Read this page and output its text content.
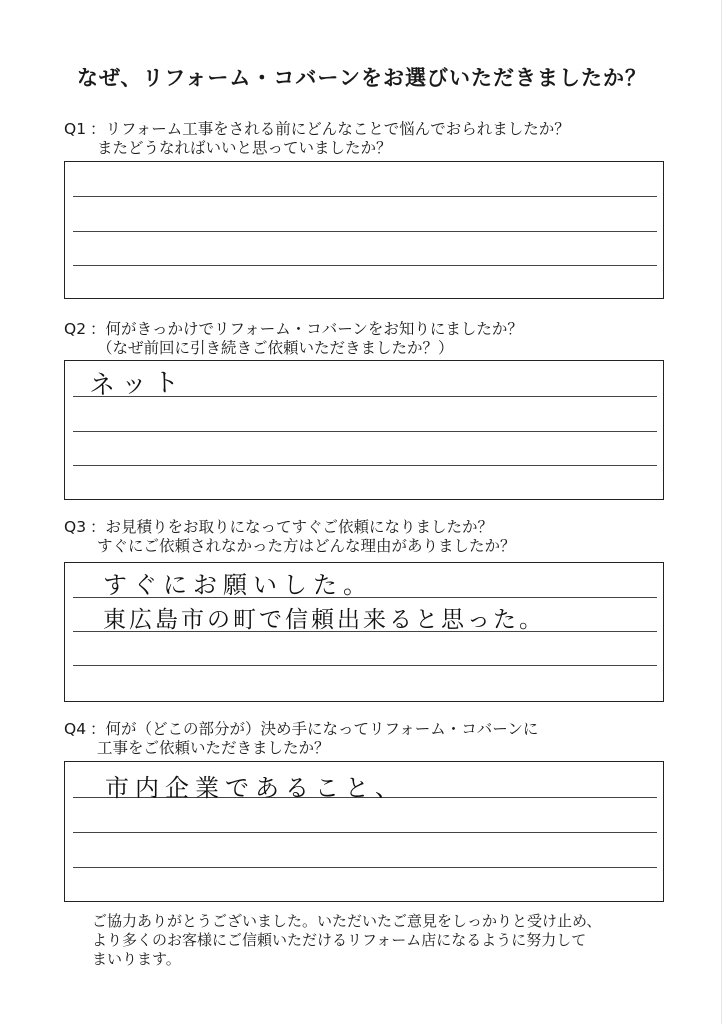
なぜ、リフォーム・コバーンをお選びいただきましたか？
Q1 ：リフォーム工事をされる前にどんなことで悩んでおられましたか？
またどうなればいいと思っていましたか？
Q2 ：何がきっかけでリフォーム・コバーンをお知りにましたか？
（なぜ前回に引き続きご依頼いただきましたか？）
ネット
Q3 ：お見積りをお取りになってすぐご依頼になりましたか？
すぐにご依頼されなかった方はどんな理由がありましたか？
すぐにお願いした。
東広島市の町で信頼出来ると思った。
Q4 ：何が（どこの部分が）決め手になってリフォーム・コバーンに
工事をご依頼いただきましたか？
市内企業であること、
ご協力ありがとうございました。いただいたご意見をしっかりと受け止め、
より多くのお客様にご信頼いただけるリフォーム店になるように努力して
まいります。
